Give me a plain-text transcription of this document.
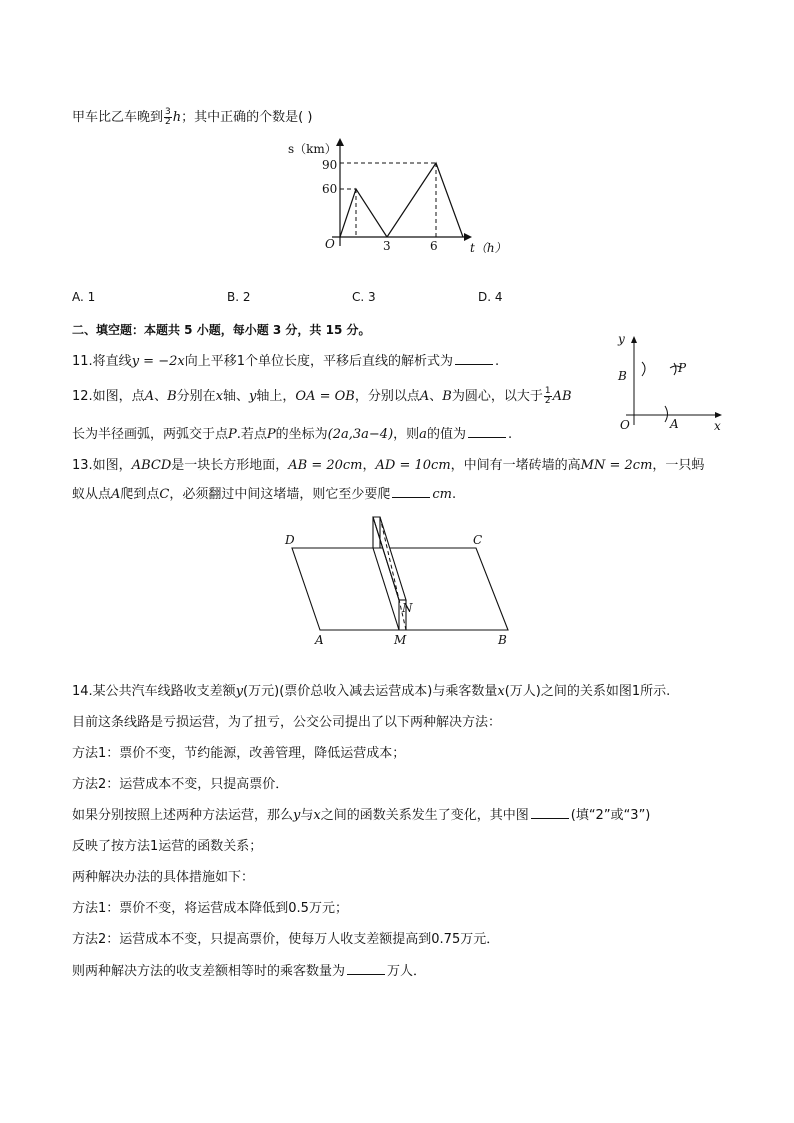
甲车比乙车晚到 $\frac{3}{2}$ h；其中正确的个数是( )
s（km）
t（h）
O
90
60
3	6
A. 1	B. 2	C. 3	D. 4
二、填空题：本题共 5 小题，每小题 3 分，共 15 分。
11.将直线y = −2x向上平移1个单位长度，平移后直线的解析式为	.
12.如图，点A、B分别在x轴、y轴上，OA = OB，分别以点A、B为圆心，以大于 $\frac{1}{2}$ AB
长为半径画弧，两弧交于点P.若点P的坐标为(2a,3a−4)，则a的值为	.
y
x
O
B
A
P
13.如图，ABCD是一块长方形地面，AB = 20cm，AD = 10cm，中间有一堵砖墙的高MN = 2cm，一只蚂
蚁从点A爬到点C，必须翻过中间这堵墙，则它至少要爬	cm.
D	C
A	M	B
N
14.某公共汽车线路收支差额y(万元)(票价总收入减去运营成本)与乘客数量x(万人)之间的关系如图1所示.
目前这条线路是亏损运营，为了扭亏，公交公司提出了以下两种解决方法：
方法1：票价不变，节约能源，改善管理，降低运营成本；
方法2：运营成本不变，只提高票价．
如果分别按照上述两种方法运营，那么y与x之间的函数关系发生了变化，其中图	(填“2”或“3”)
反映了按方法1运营的函数关系；
两种解决办法的具体措施如下：
方法1：票价不变，将运营成本降低到0.5万元；
方法2：运营成本不变，只提高票价，使每万人收支差额提高到0.75万元．
则两种解决方法的收支差额相等时的乘客数量为	万人．
